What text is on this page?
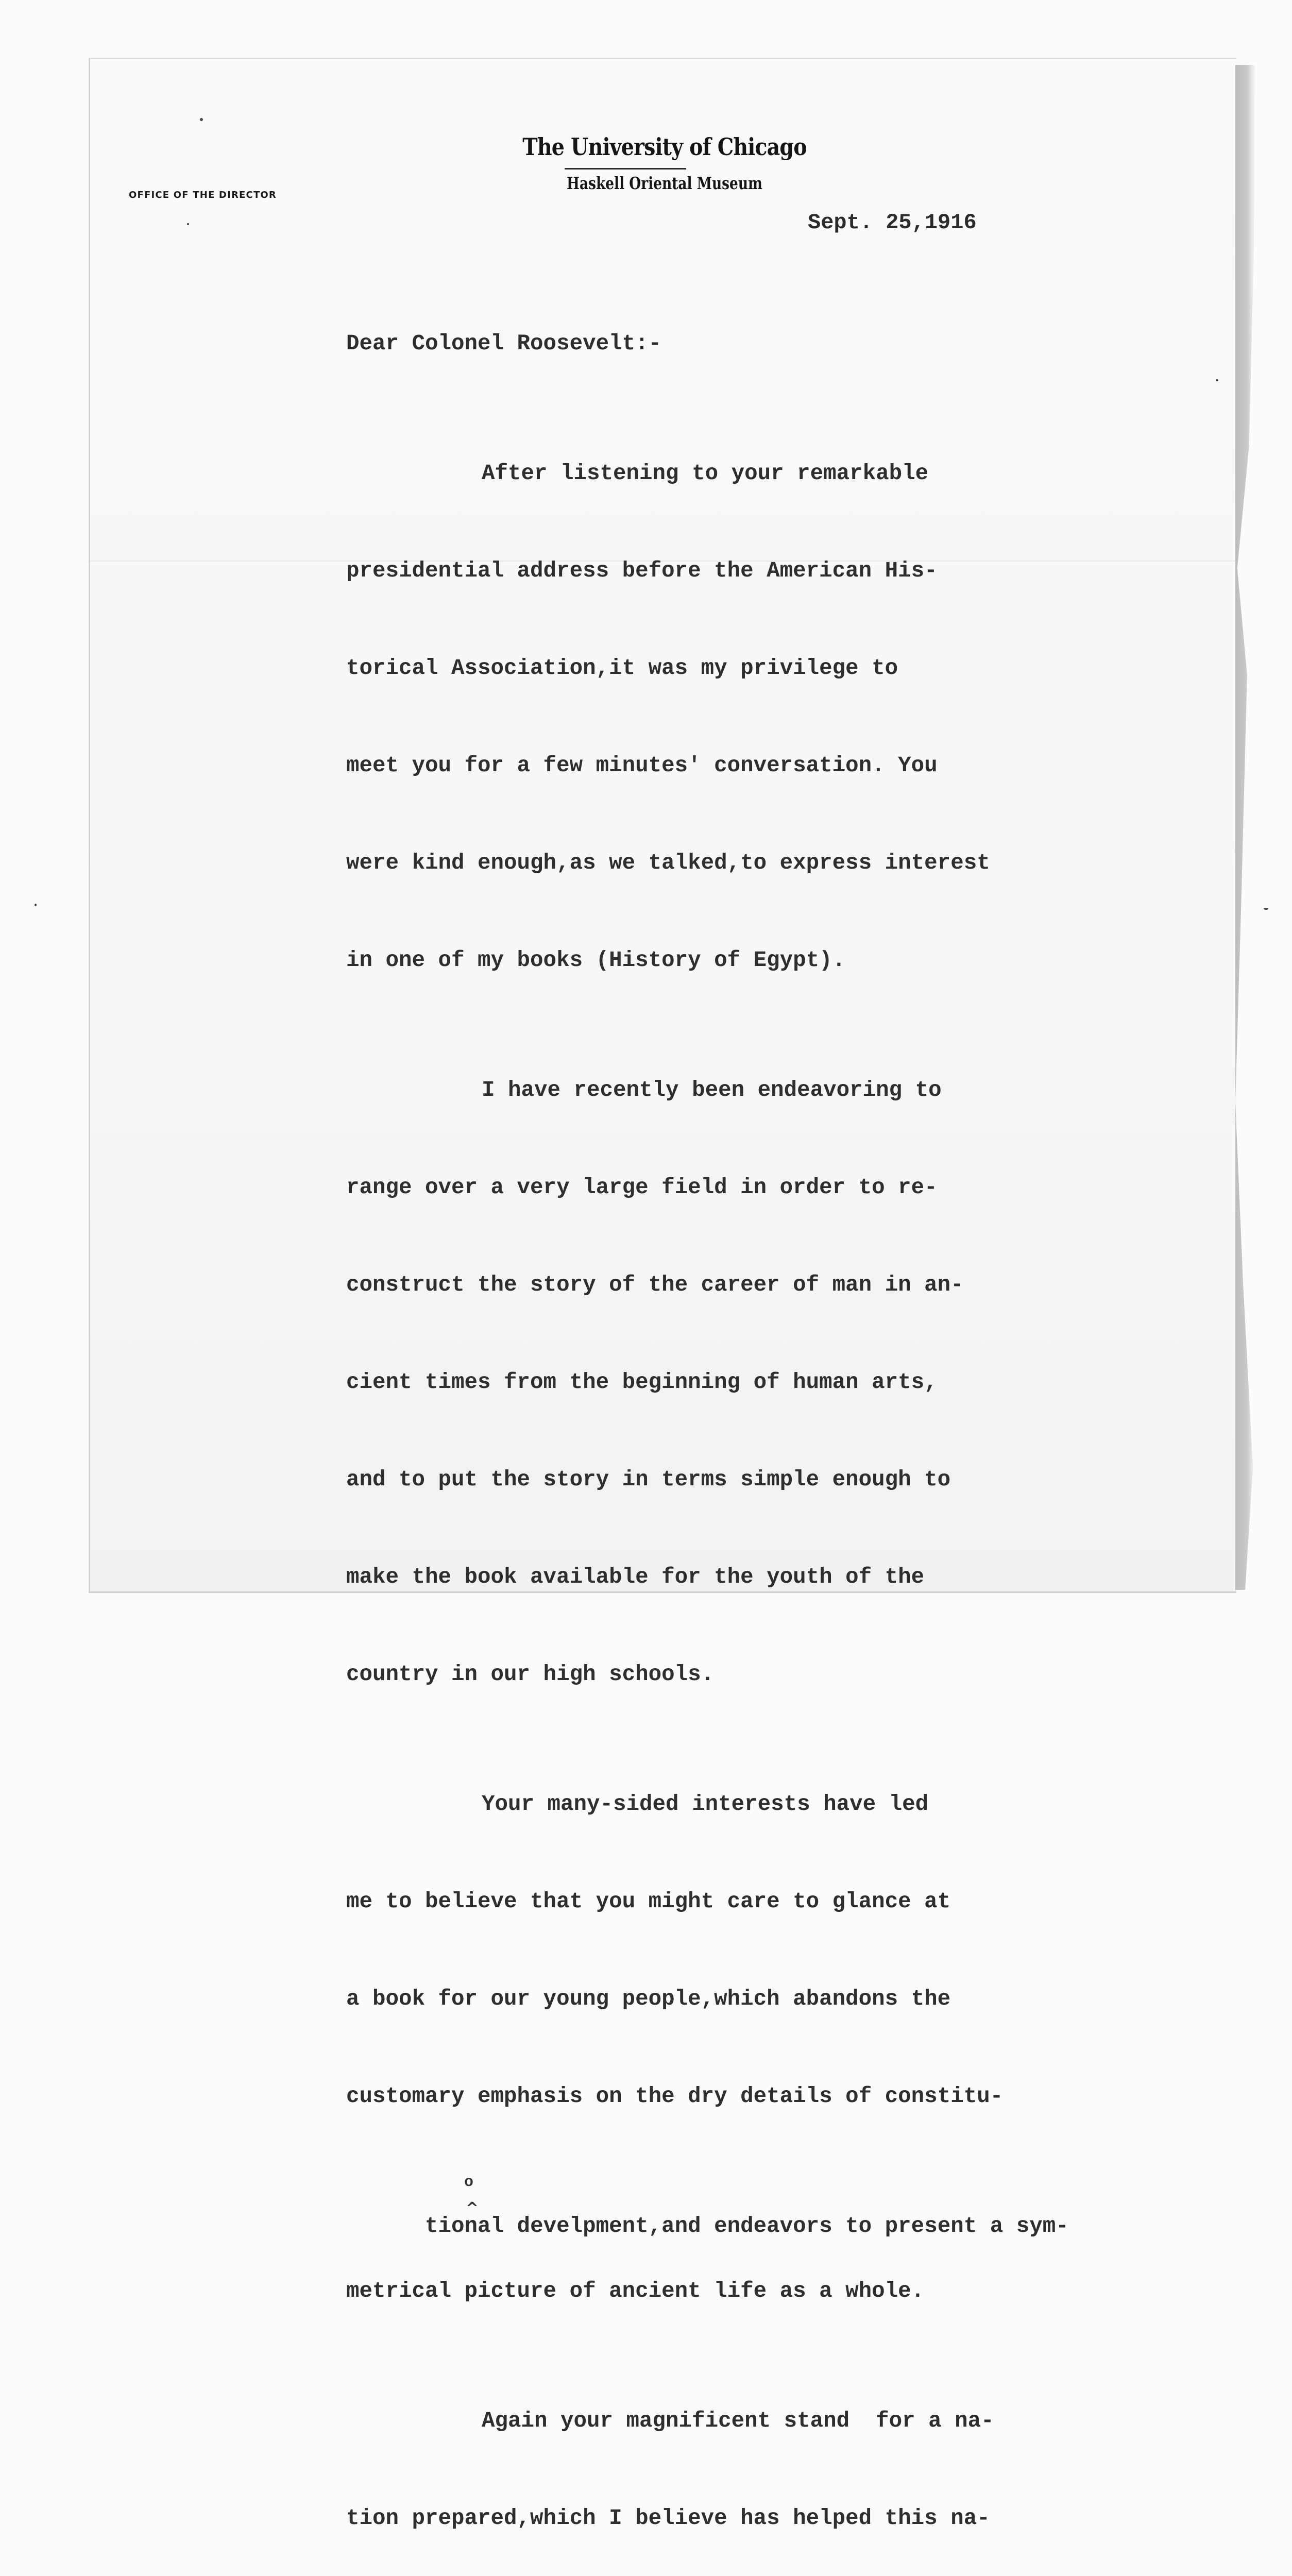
The University of Chicago
Haskell Oriental Museum
OFFICE OF THE DIRECTOR
Sept. 25,1916

Dear Colonel Roosevelt:-

After listening to your remarkable

presidential address before the American His-

torical Association,it was my privilege to

meet you for a few minutes' conversation. You

were kind enough,as we talked,to express interest

in one of my books (History of Egypt).

I have recently been endeavoring to

range over a very large field in order to re-

construct the story of the career of man in an-

cient times from the beginning of human arts,

and to put the story in terms simple enough to

make the book available for the youth of the

country in our high schools.

Your many-sided interests have led

me to believe that you might care to glance at

a book for our young people,which abandons the

customary emphasis on the dry details of constitu-

tional develpment,and endeavors to present a sym-

o

^

metrical picture of ancient life as a whole.

Again your magnificent stand  for a na-

tion prepared,which I believe has helped this na-
